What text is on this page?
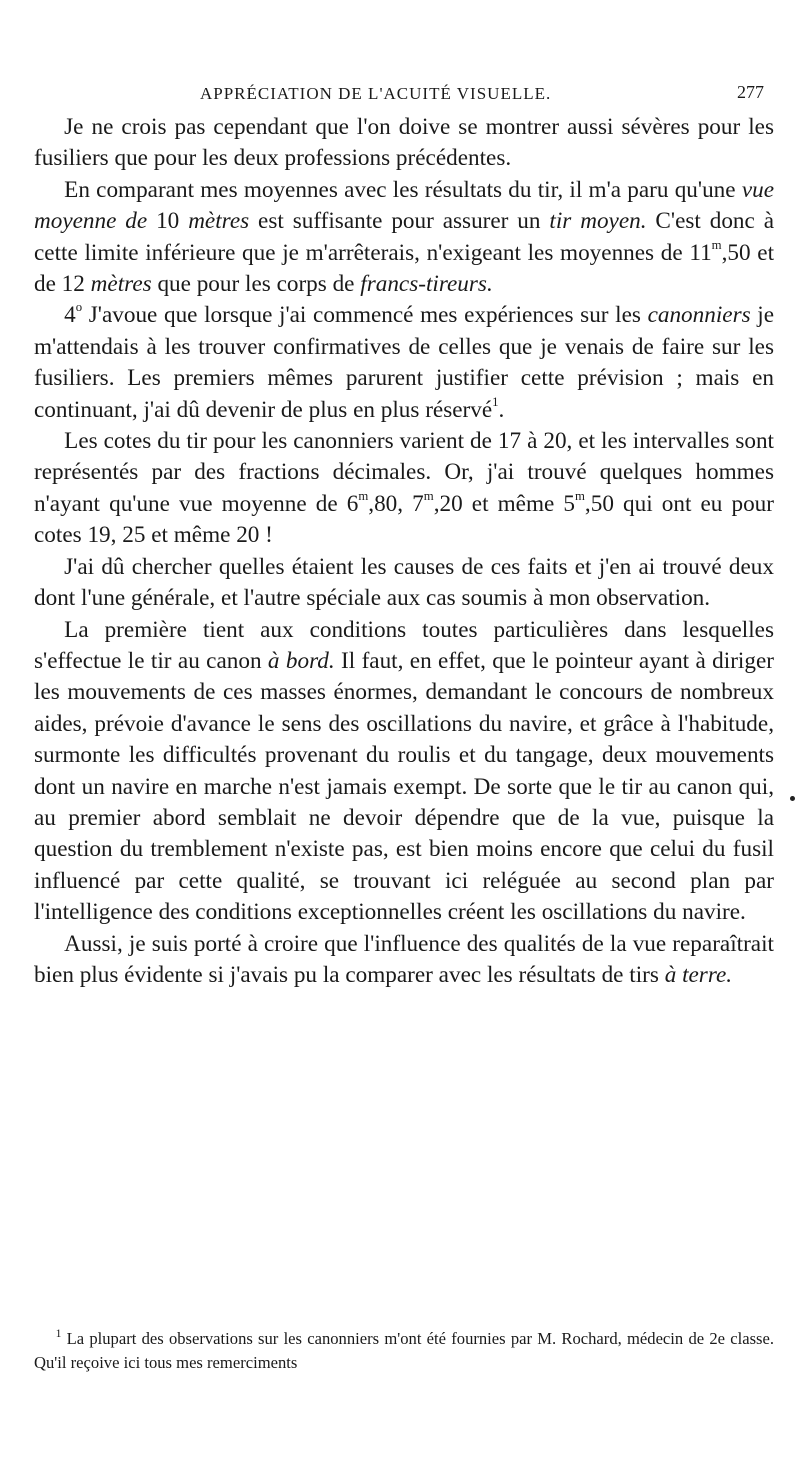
APPRÉCIATION DE L'ACUITÉ VISUELLE.	277

Je ne crois pas cependant que l'on doive se montrer aussi sévères pour les fusiliers que pour les deux professions précédentes.

En comparant mes moyennes avec les résultats du tir, il m'a paru qu'une vue moyenne de 10 mètres est suffisante pour assurer un tir moyen. C'est donc à cette limite inférieure que je m'arrêterais, n'exigeant les moyennes de 11$^m$,50 et de 12 mètres que pour les corps de francs-tireurs.

4$^o$ J'avoue que lorsque j'ai commencé mes expériences sur les canonniers je m'attendais à les trouver confirmatives de celles que je venais de faire sur les fusiliers. Les premiers mêmes parurent justifier cette prévision ; mais en continuant, j'ai dû devenir de plus en plus réservé$^1$.

Les cotes du tir pour les canonniers varient de 17 à 20, et les intervalles sont représentés par des fractions décimales. Or, j'ai trouvé quelques hommes n'ayant qu'une vue moyenne de 6$^m$,80, 7$^m$,20 et même 5$^m$,50 qui ont eu pour cotes 19, 25 et même 20 !

J'ai dû chercher quelles étaient les causes de ces faits et j'en ai trouvé deux dont l'une générale, et l'autre spéciale aux cas soumis à mon observation.

La première tient aux conditions toutes particulières dans lesquelles s'effectue le tir au canon à bord. Il faut, en effet, que le pointeur ayant à diriger les mouvements de ces masses énormes, demandant le concours de nombreux aides, prévoie d'avance le sens des oscillations du navire, et grâce à l'habitude, surmonte les difficultés provenant du roulis et du tangage, deux mouvements dont un navire en marche n'est jamais exempt. De sorte que le tir au canon qui, au premier abord semblait ne devoir dépendre que de la vue, puisque la question du tremblement n'existe pas, est bien moins encore que celui du fusil influencé par cette qualité, se trouvant ici reléguée au second plan par l'intelligence des conditions exceptionnelles créent les oscillations du navire.

Aussi, je suis porté à croire que l'influence des qualités de la vue reparaîtrait bien plus évidente si j'avais pu la comparer avec les résultats de tirs à terre.

$^1$ La plupart des observations sur les canonniers m'ont été fournies par M. Rochard, médecin de 2e classe. Qu'il reçoive ici tous mes remerciments
